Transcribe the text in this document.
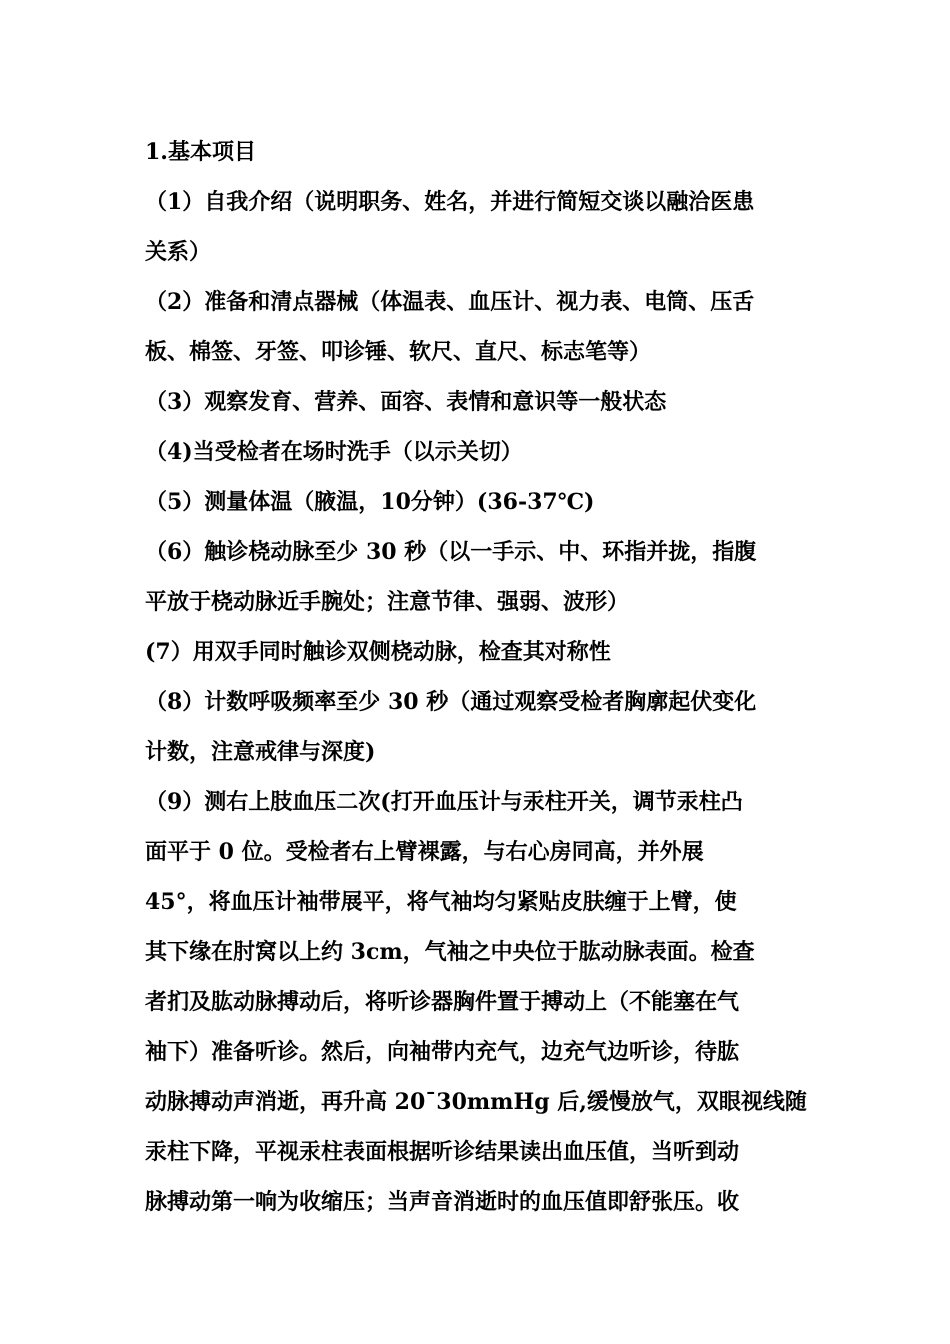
1.基本项目
（1）自我介绍（说明职务、姓名，并进行简短交谈以融洽医患
关系）
（2）准备和清点器械（体温表、血压计、视力表、电筒、压舌
板、棉签、牙签、叩诊锤、软尺、直尺、标志笔等）
（3）观察发育、营养、面容、表情和意识等一般状态
（4)当受检者在场时洗手（以示关切）
（5）测量体温（腋温，10分钟）(36-37℃)
（6）触诊桡动脉至少 30 秒（以一手示、中、环指并拢，指腹
平放于桡动脉近手腕处；注意节律、强弱、波形）
(7）用双手同时触诊双侧桡动脉，检查其对称性
（8）计数呼吸频率至少 30 秒（通过观察受检者胸廓起伏变化
计数，注意戒律与深度)
（9）测右上肢血压二次(打开血压计与汞柱开关，调节汞柱凸
面平于 0 位。受检者右上臂裸露，与右心房同高，并外展
45°，将血压计袖带展平，将气袖均匀紧贴皮肤缠于上臂，使
其下缘在肘窝以上约 3cm，气袖之中央位于肱动脉表面。检查
者扪及肱动脉搏动后，将听诊器胸件置于搏动上（不能塞在气
袖下）准备听诊。然后，向袖带内充气，边充气边听诊，待肱
动脉搏动声消逝，再升高 20¯30mmHg 后,缓慢放气，双眼视线随
汞柱下降，平视汞柱表面根据听诊结果读出血压值，当听到动
脉搏动第一响为收缩压；当声音消逝时的血压值即舒张压。收
